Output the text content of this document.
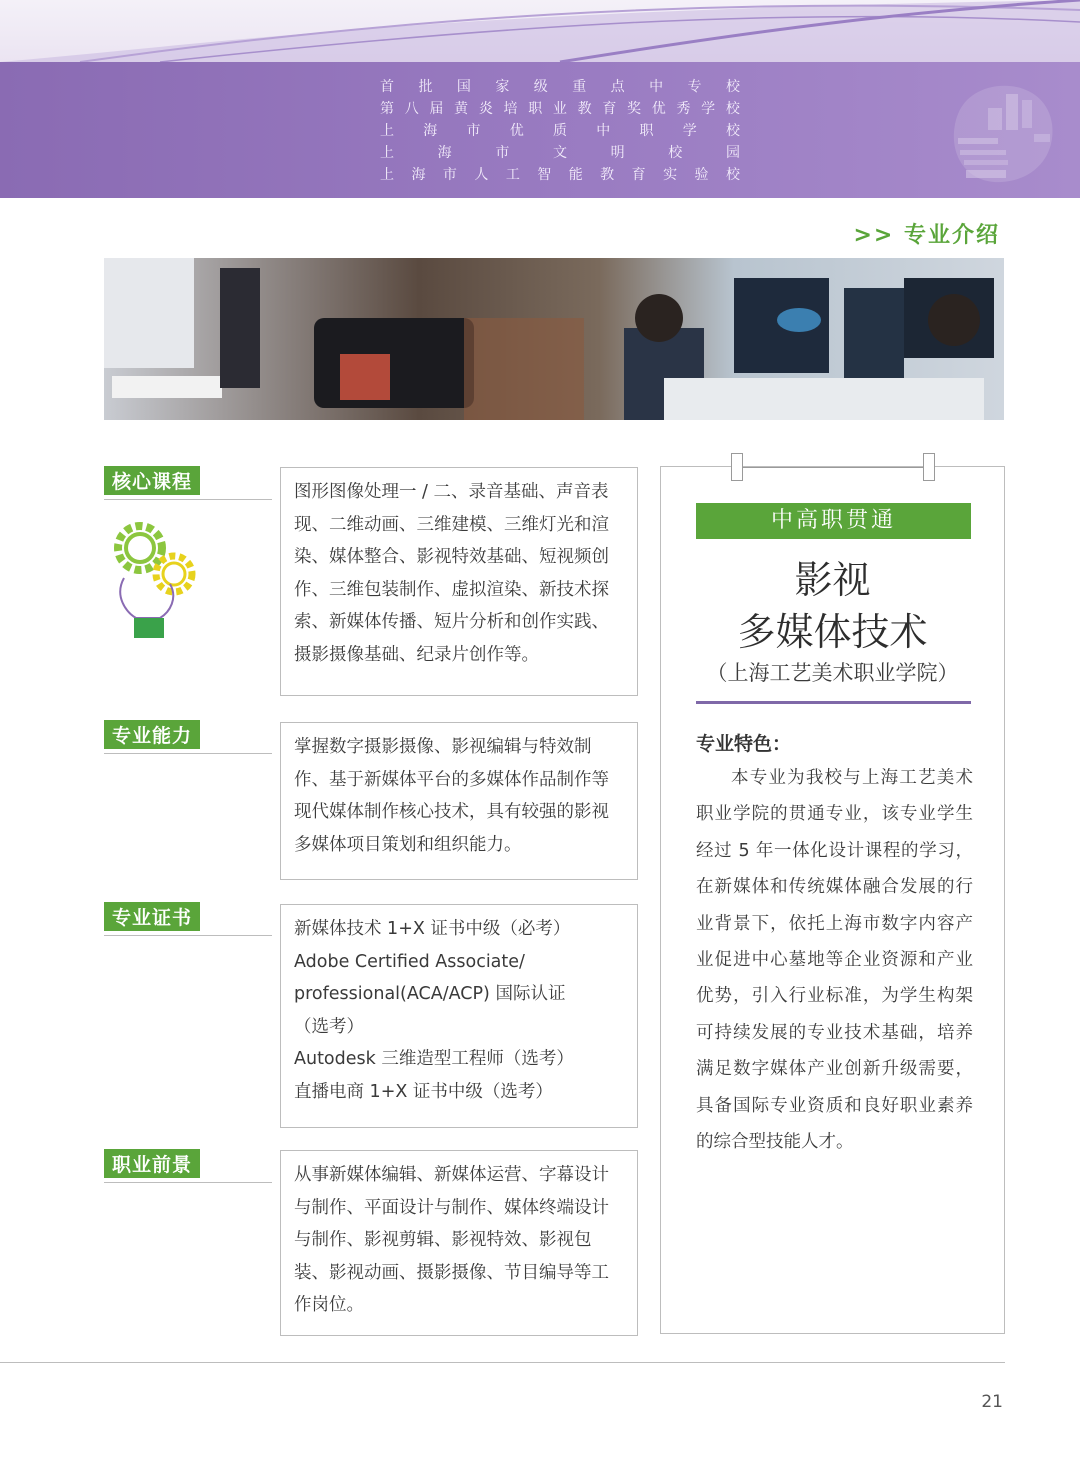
首 批 国 家 级 重 点 中 专 校
第 八 届 黄 炎 培 职 业 教 育 奖 优 秀 学 校
上 海 市 优 质 中 职 学 校
上	海	市	文	明	校	园
上 海 市 人 工 智 能 教 育 实 验 校
>> 专业介绍
核心课程	图形图像处理一 / 二、录音基础、声音表现、二维动画、三维建模、三维灯光和渲染、媒体整合、影视特效基础、短视频创作、三维包装制作、虚拟渲染、新技术探索、新媒体传播、短片分析和创作实践、摄影摄像基础、纪录片创作等。
专业能力	掌握数字摄影摄像、影视编辑与特效制作、基于新媒体平台的多媒体作品制作等现代媒体制作核心技术，具有较强的影视多媒体项目策划和组织能力。
专业证书	新媒体技术 1+X 证书中级（必考）
Adobe Certified Associate/
professional(ACA/ACP) 国际认证
（选考）
Autodesk 三维造型工程师（选考）
直播电商 1+X 证书中级（选考）
职业前景	从事新媒体编辑、新媒体运营、字幕设计与制作、平面设计与制作、媒体终端设计与制作、影视剪辑、影视特效、影视包装、影视动画、摄影摄像、节目编导等工作岗位。
中高职贯通
影视
多媒体技术
（上海工艺美术职业学院）
专业特色：
本专业为我校与上海工艺美术职业学院的贯通专业，该专业学生经过 5 年一体化设计课程的学习，在新媒体和传统媒体融合发展的行业背景下，依托上海市数字内容产业促进中心墓地等企业资源和产业优势，引入行业标准，为学生构架可持续发展的专业技术基础，培养满足数字媒体产业创新升级需要，具备国际专业资质和良好职业素养的综合型技能人才。
21
